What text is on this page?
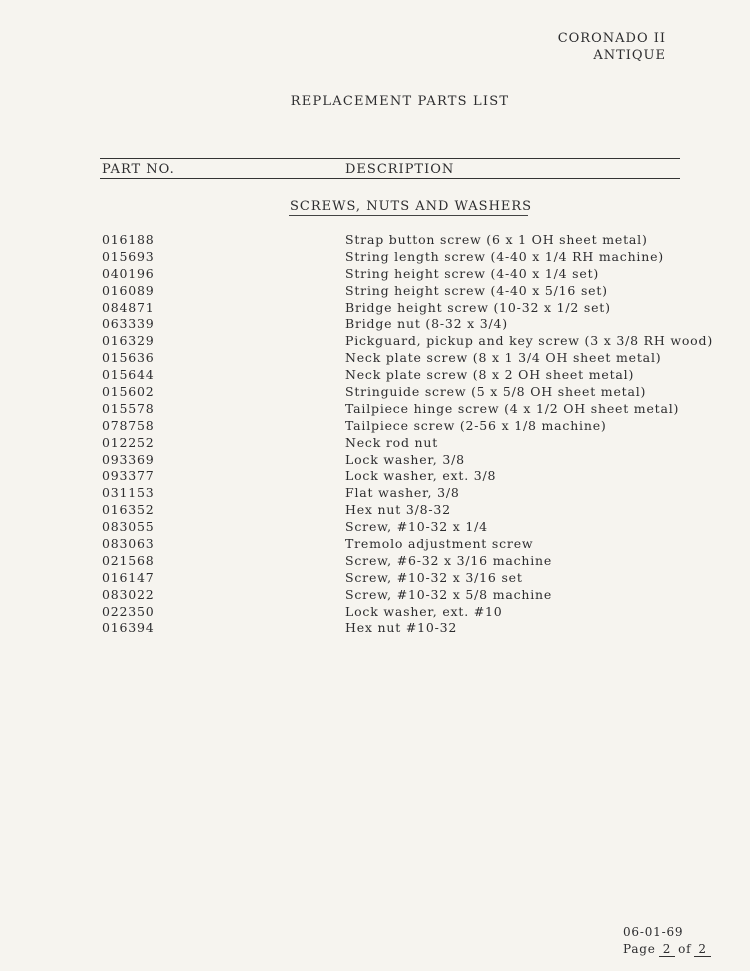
CORONADO II
ANTIQUE
REPLACEMENT PARTS LIST
PART NO.	DESCRIPTION
SCREWS, NUTS AND WASHERS
016188	Strap button screw (6 x 1 OH sheet metal)
015693	String length screw (4-40 x 1/4 RH machine)
040196	String height screw (4-40 x 1/4 set)
016089	String height screw (4-40 x 5/16 set)
084871	Bridge height screw (10-32 x 1/2 set)
063339	Bridge nut (8-32 x 3/4)
016329	Pickguard, pickup and key screw (3 x 3/8 RH wood)
015636	Neck plate screw (8 x 1 3/4 OH sheet metal)
015644	Neck plate screw (8 x 2 OH sheet metal)
015602	Stringuide screw (5 x 5/8 OH sheet metal)
015578	Tailpiece hinge screw (4 x 1/2 OH sheet metal)
078758	Tailpiece screw (2-56 x 1/8 machine)
012252	Neck rod nut
093369	Lock washer, 3/8
093377	Lock washer, ext. 3/8
031153	Flat washer, 3/8
016352	Hex nut 3/8-32
083055	Screw, #10-32 x 1/4
083063	Tremolo adjustment screw
021568	Screw, #6-32 x 3/16 machine
016147	Screw, #10-32 x 3/16 set
083022	Screw, #10-32 x 5/8 machine
022350	Lock washer, ext. #10
016394	Hex nut #10-32
06-01-69
Page 2 of 2
